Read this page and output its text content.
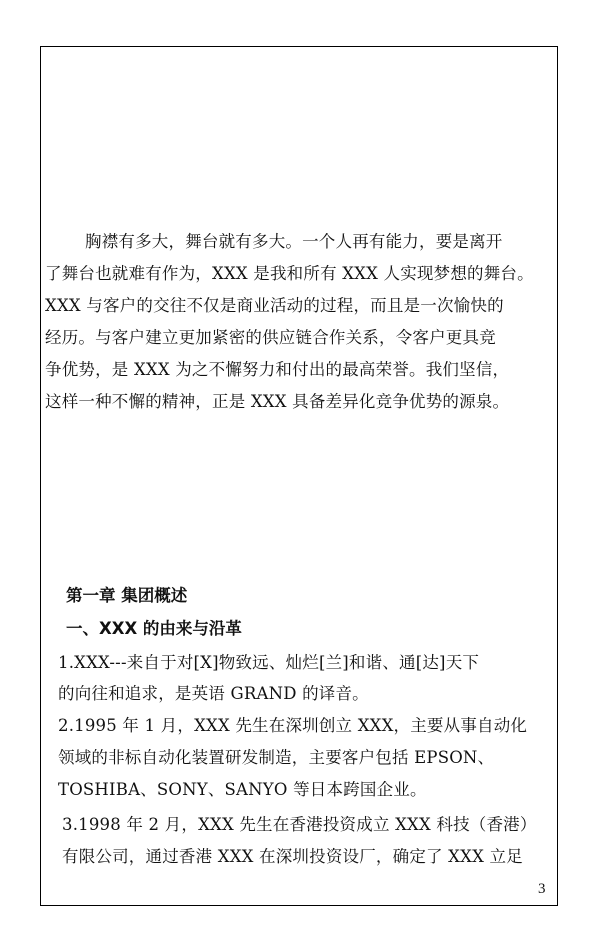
胸襟有多大，舞台就有多大。一个人再有能力，要是离开
了舞台也就难有作为，XXX 是我和所有 XXX 人实现梦想的舞台。
XXX 与客户的交往不仅是商业活动的过程，而且是一次愉快的
经历。与客户建立更加紧密的供应链合作关系，令客户更具竞
争优势，是 XXX 为之不懈努力和付出的最高荣誉。我们坚信，
这样一种不懈的精神，正是 XXX 具备差异化竞争优势的源泉。
第一章 集团概述
一、XXX 的由来与沿革
1.XXX---来自于对[X]物致远、灿烂[兰]和谐、通[达]天下
的向往和追求，是英语 GRAND 的译音。
2.1995 年 1 月，XXX 先生在深圳创立 XXX，主要从事自动化
领域的非标自动化装置研发制造，主要客户包括 EPSON、
TOSHIBA、SONY、SANYO 等日本跨国企业。
3.1998 年 2 月，XXX 先生在香港投资成立 XXX 科技（香港）
有限公司，通过香港 XXX 在深圳投资设厂，确定了 XXX 立足
3
